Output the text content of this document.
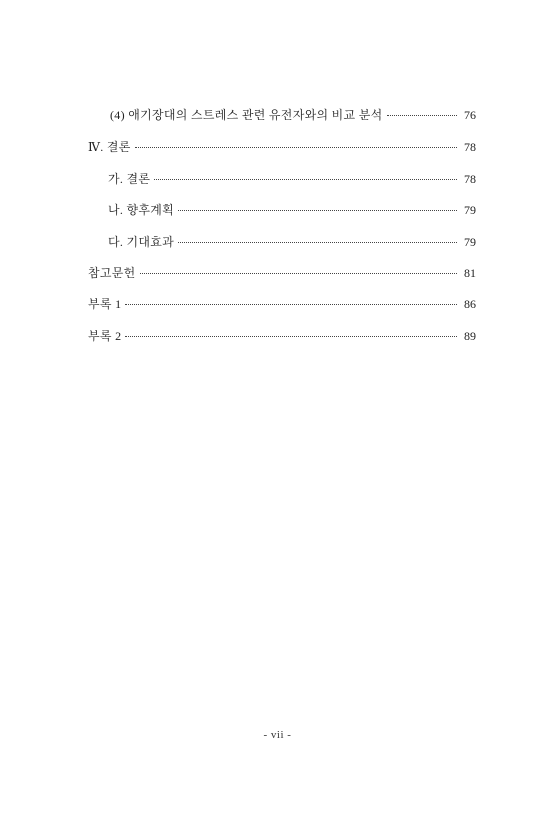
(4) 애기장대의 스트레스 관련 유전자와의 비교 분석	76
Ⅳ. 결론	78
가. 결론	78
나. 향후계획	79
다. 기대효과	79
참고문헌	81
부록 1	86
부록 2	89
- vii -
